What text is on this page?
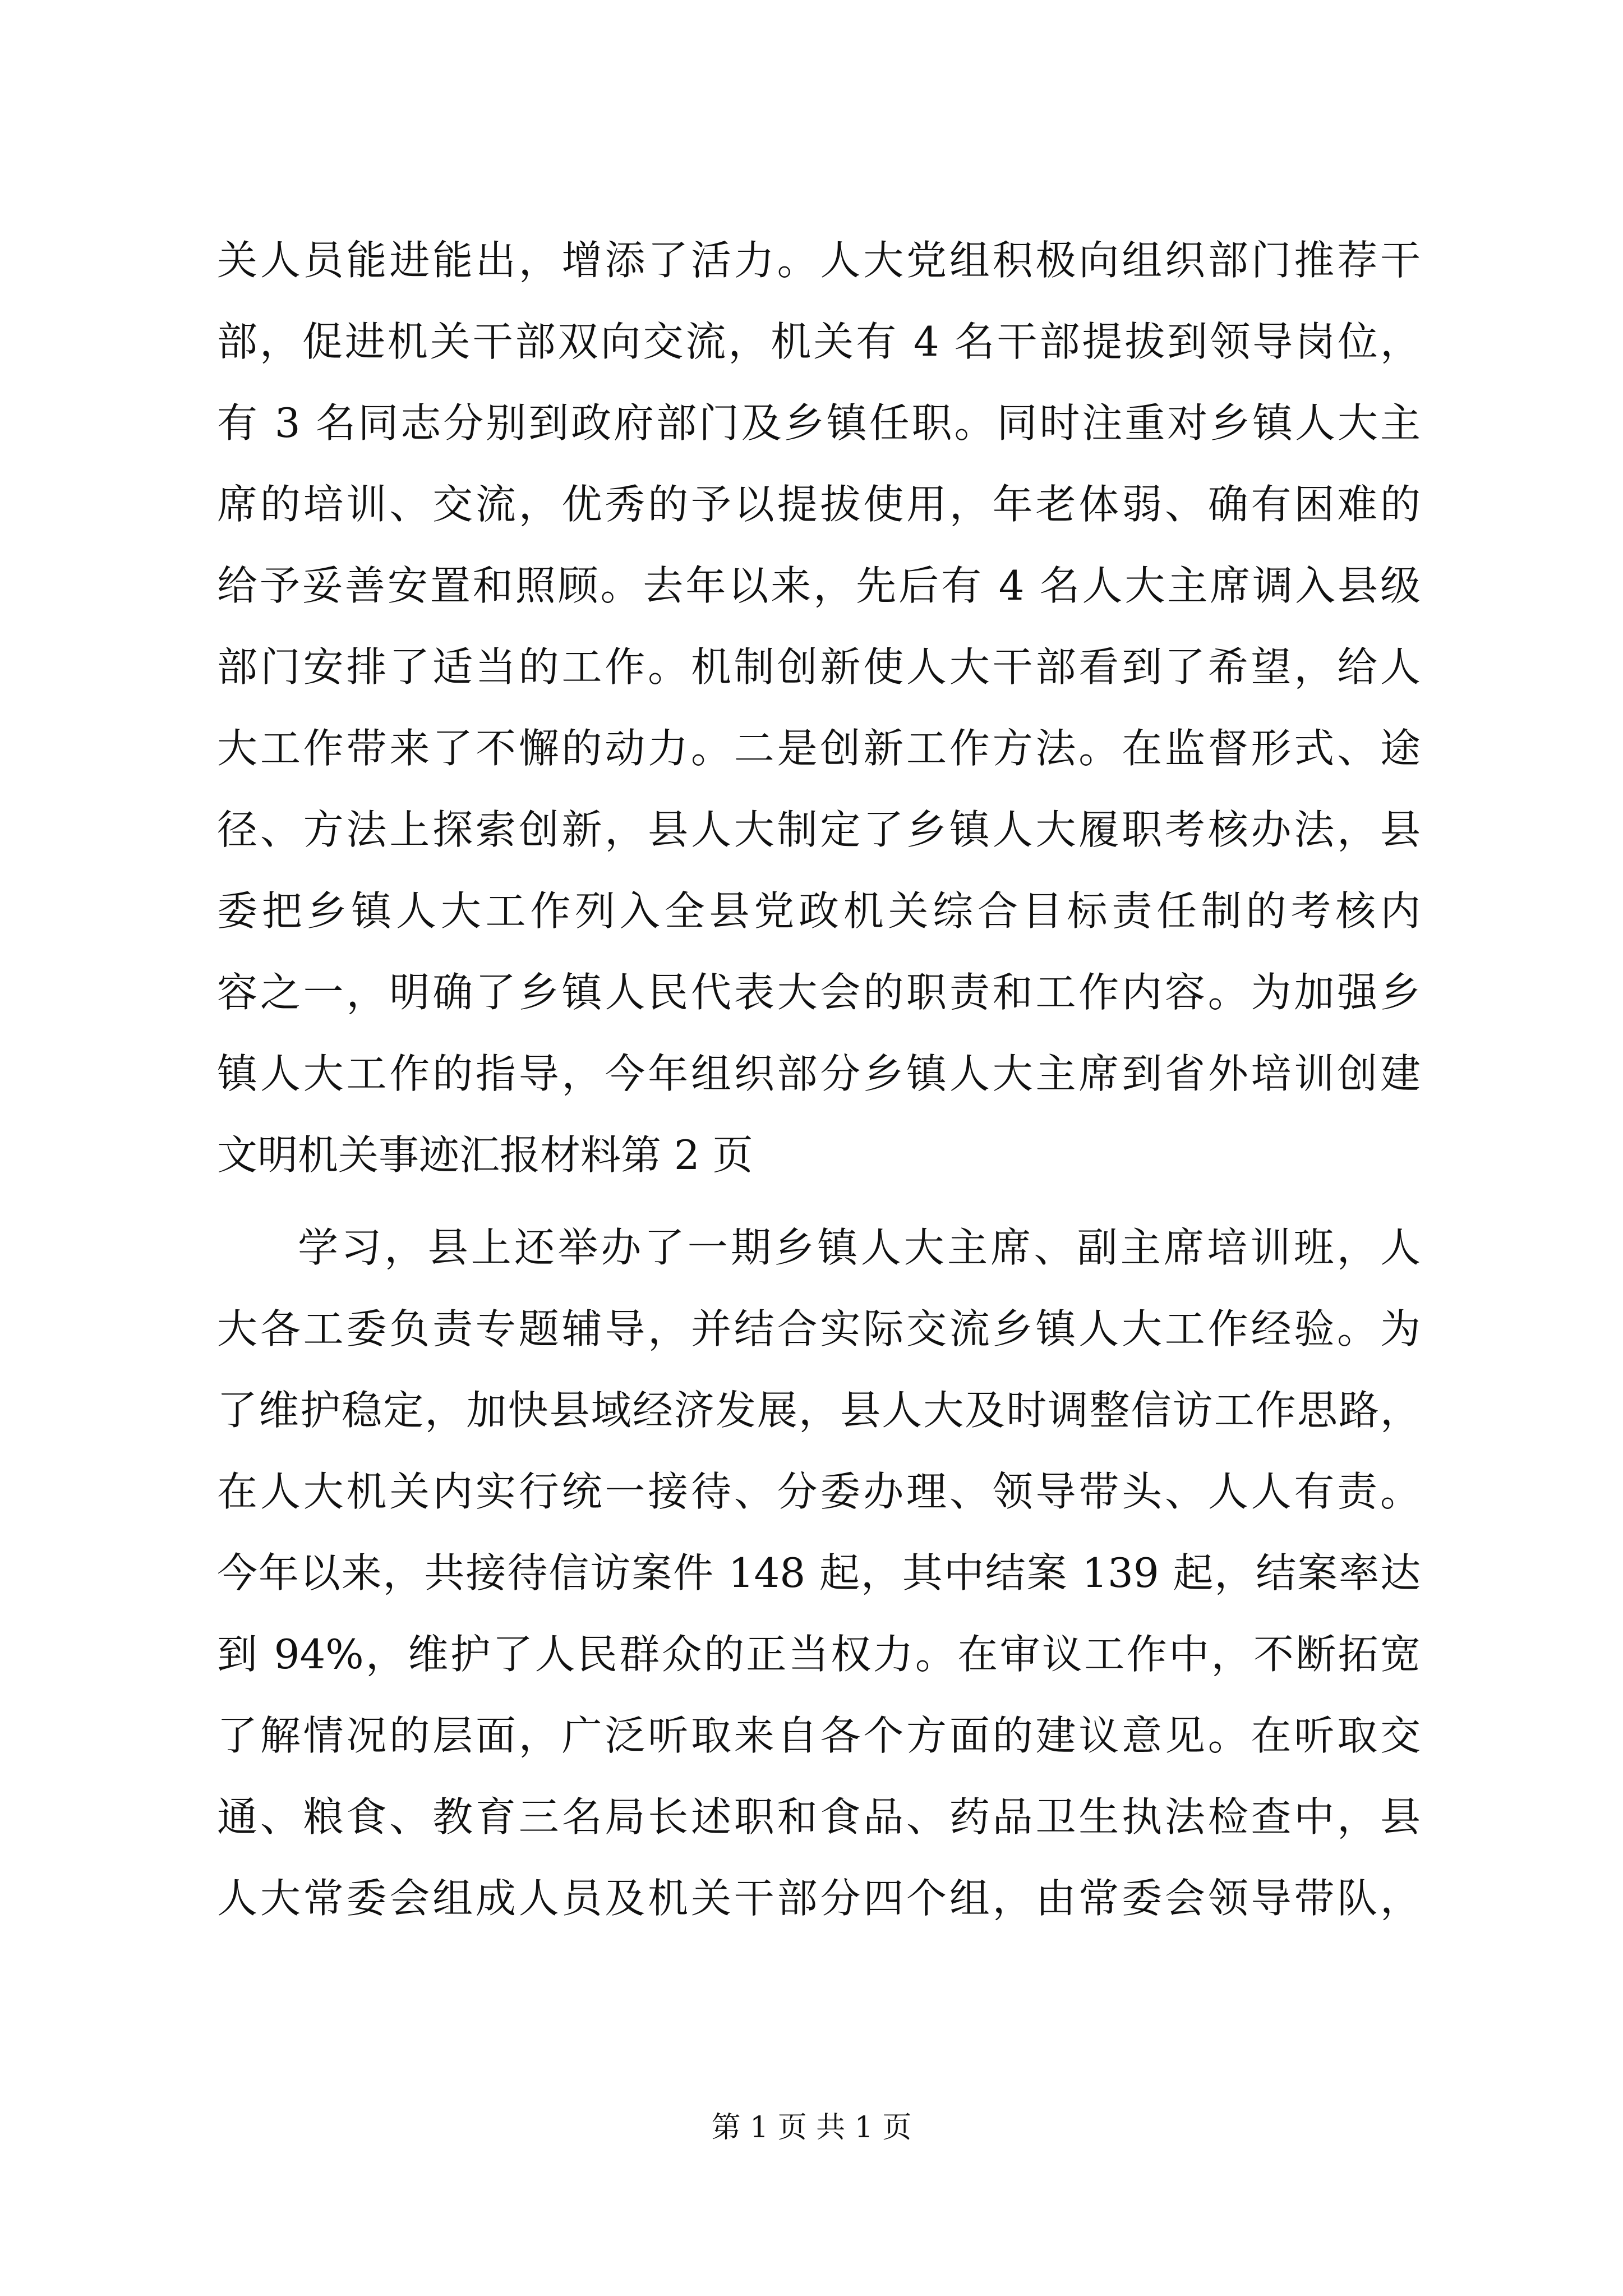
关人员能进能出，增添了活力。人大党组积极向组织部门推荐干
部，促进机关干部双向交流，机关有 4 名干部提拔到领导岗位，
有 3 名同志分别到政府部门及乡镇任职。同时注重对乡镇人大主
席的培训、交流，优秀的予以提拔使用，年老体弱、确有困难的
给予妥善安置和照顾。去年以来，先后有 4 名人大主席调入县级
部门安排了适当的工作。机制创新使人大干部看到了希望，给人
大工作带来了不懈的动力。二是创新工作方法。在监督形式、途
径、方法上探索创新，县人大制定了乡镇人大履职考核办法，县
委把乡镇人大工作列入全县党政机关综合目标责任制的考核内
容之一，明确了乡镇人民代表大会的职责和工作内容。为加强乡
镇人大工作的指导，今年组织部分乡镇人大主席到省外培训创建
文明机关事迹汇报材料第 2 页
学习，县上还举办了一期乡镇人大主席、副主席培训班，人
大各工委负责专题辅导，并结合实际交流乡镇人大工作经验。为
了维护稳定，加快县域经济发展，县人大及时调整信访工作思路，
在人大机关内实行统一接待、分委办理、领导带头、人人有责。
今年以来，共接待信访案件 148 起，其中结案 139 起，结案率达
到 94%，维护了人民群众的正当权力。在审议工作中，不断拓宽
了解情况的层面，广泛听取来自各个方面的建议意见。在听取交
通、粮食、教育三名局长述职和食品、药品卫生执法检查中，县
人大常委会组成人员及机关干部分四个组，由常委会领导带队，
第 1 页 共 1 页
